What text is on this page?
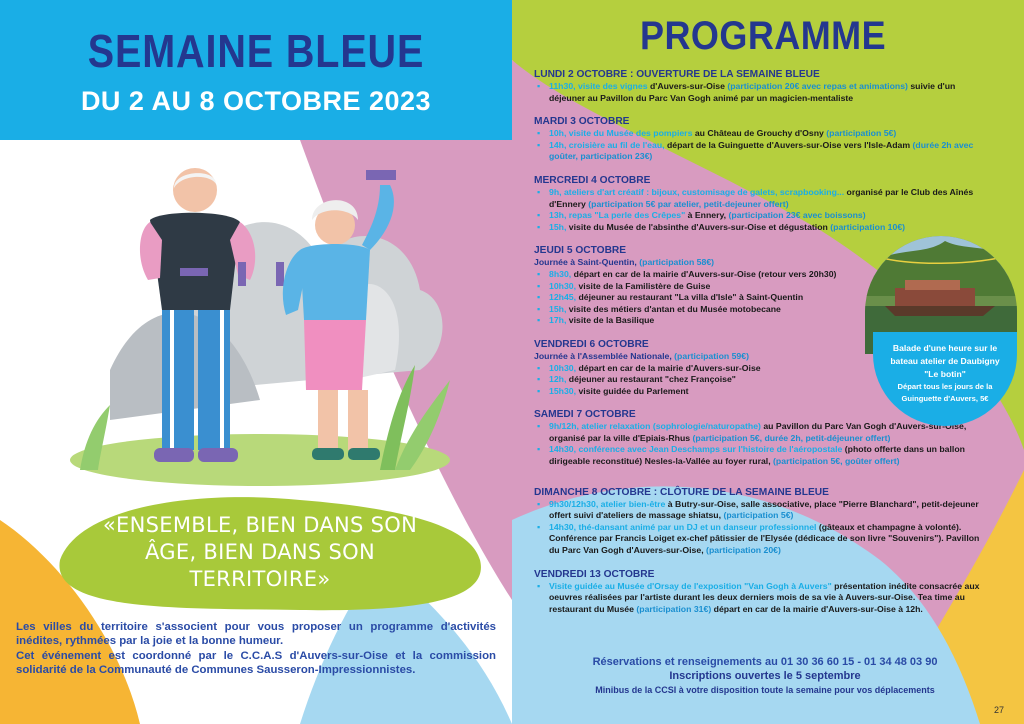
SEMAINE BLEUE
DU 2 AU 8 OCTOBRE 2023
«ENSEMBLE, BIEN DANS SON ÂGE, BIEN DANS SON TERRITOIRE»

Les villes du territoire s'associent pour vous proposer un programme d'activités inédites, rythmées par la joie et la bonne humeur.

Cet événement est coordonné par le C.C.A.S d'Auvers-sur-Oise et la commission solidarité de la Communauté de Communes Sausseron-Impressionnistes.

PROGRAMME
LUNDI 2 OCTOBRE : OUVERTURE DE LA SEMAINE BLEUE
▪ 11h30, visite des vignes d'Auvers-sur-Oise (participation 20€ avec repas et animations) suivie d'un déjeuner au Pavillon du Parc Van Gogh animé par un magicien-mentaliste
MARDI 3 OCTOBRE
▪ 10h, visite du Musée des pompiers au Château de Grouchy d'Osny (participation 5€)
▪ 14h, croisière au fil de l'eau, départ de la Guinguette d'Auvers-sur-Oise vers l'Isle-Adam (durée 2h avec goûter, participation 23€)
MERCREDI 4 OCTOBRE
▪ 9h, ateliers d'art créatif : bijoux, customisage de galets, scrapbooking... organisé par le Club des Aînés d'Ennery (participation 5€ par atelier, petit-dejeuner offert)
▪ 13h, repas "La perle des Crêpes" à Ennery, (participation 23€ avec boissons)
▪ 15h, visite du Musée de l'absinthe d'Auvers-sur-Oise et dégustation (participation 10€)
JEUDI 5 OCTOBRE
Journée à Saint-Quentin, (participation 58€)
▪ 8h30, départ en car de la mairie d'Auvers-sur-Oise (retour vers 20h30)
▪ 10h30, visite de la Familistère de Guise
▪ 12h45, déjeuner au restaurant "La villa d'Isle" à Saint-Quentin
▪ 15h, visite des métiers d'antan et du Musée motobecane
▪ 17h, visite de la Basilique
VENDREDI 6 OCTOBRE
Journée à l'Assemblée Nationale, (participation 59€)
▪ 10h30, départ en car de la mairie d'Auvers-sur-Oise
▪ 12h, déjeuner au restaurant "chez Françoise"
▪ 15h30, visite guidée du Parlement
SAMEDI 7 OCTOBRE
▪ 9h/12h, atelier relaxation (sophrologie/naturopathe) au Pavillon du Parc Van Gogh d'Auvers-sur-Oise, organisé par la ville d'Epiais-Rhus (participation 5€, durée 2h, petit-déjeuner offert)
▪ 14h30, conférence avec Jean Deschamps sur l'histoire de l'aéropostale (photo offerte dans un ballon dirigeable reconstitué) Nesles-la-Vallée au foyer rural, (participation 5€, goûter offert)
DIMANCHE 8 OCTOBRE : CLÔTURE DE LA SEMAINE BLEUE
▪ 9h30/12h30, atelier bien-être à Butry-sur-Oise, salle associative, place "Pierre Blanchard", petit-dejeuner offert suivi d'ateliers de massage shiatsu, (participation 5€)
▪ 14h30, thé-dansant animé par un DJ et un danseur professionnel (gâteaux et champagne à volonté). Conférence par Francis Loiget ex-chef pâtissier de l'Elysée (dédicace de son livre "Souvenirs"). Pavillon du Parc Van Gogh d'Auvers-sur-Oise, (participation 20€)
VENDREDI 13 OCTOBRE
▪ Visite guidée au Musée d'Orsay de l'exposition "Van Gogh à Auvers" présentation inédite consacrée aux oeuvres réalisées par l'artiste durant les deux derniers mois de sa vie à Auvers-sur-Oise. Tea time au restaurant du Musée (participation 31€) départ en car de la mairie d'Auvers-sur-Oise à 12h.
Balade d'une heure sur le bateau atelier de Daubigny "Le botin"
Départ tous les jours de la Guinguette d'Auvers, 5€
Réservations et renseignements au 01 30 36 60 15 - 01 34 48 03 90
Inscriptions ouvertes le 5 septembre
Minibus de la CCSI à votre disposition toute la semaine pour vos déplacements
27
